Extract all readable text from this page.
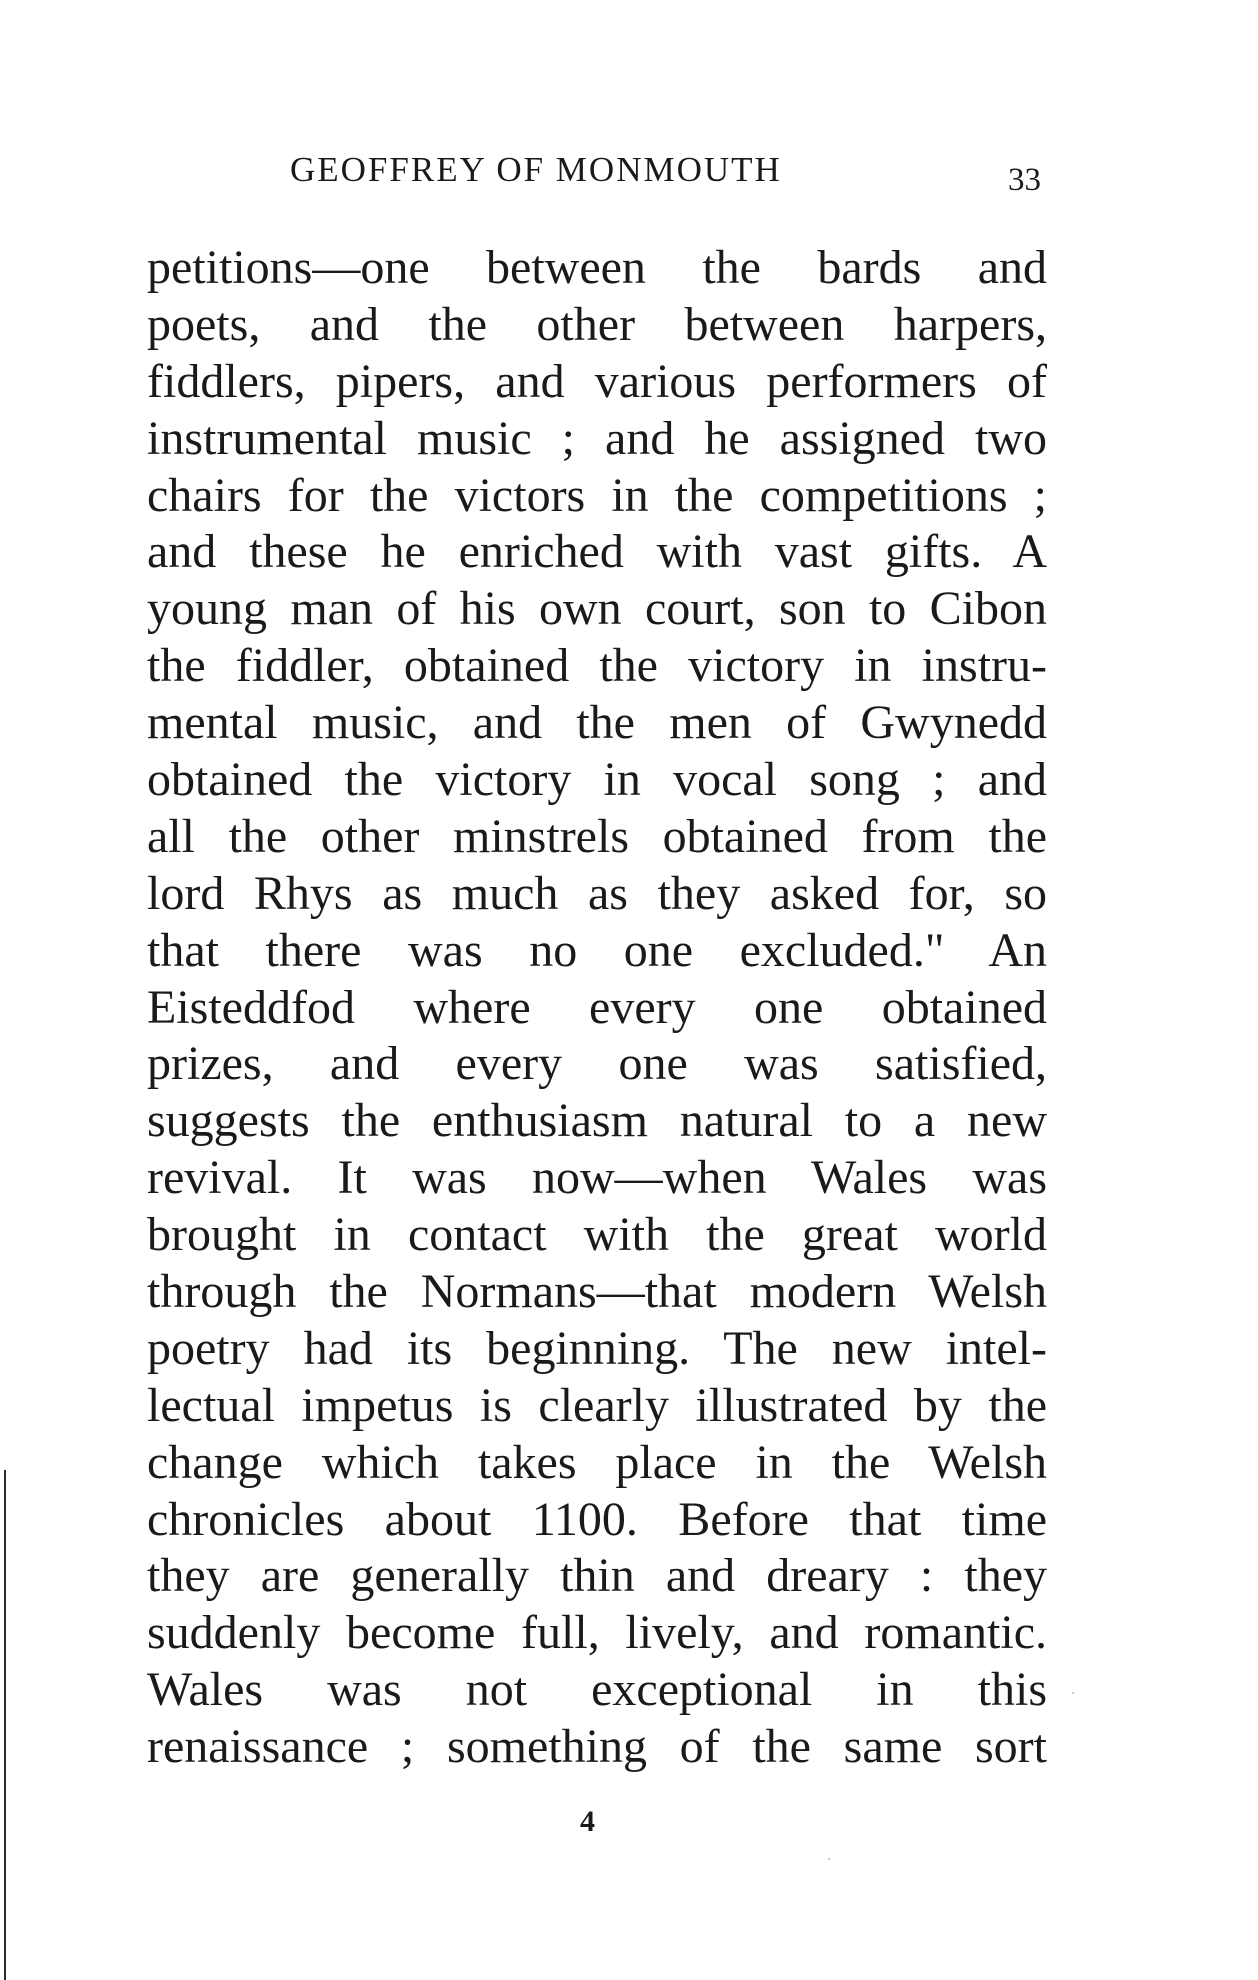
GEOFFREY OF MONMOUTH	33
petitions—one between the bards and
poets, and the other between harpers,
fiddlers, pipers, and various performers of
instrumental music ; and he assigned two
chairs for the victors in the competitions ;
and these he enriched with vast gifts. A
young man of his own court, son to Cibon
the fiddler, obtained the victory in instru-
mental music, and the men of Gwynedd
obtained the victory in vocal song ; and
all the other minstrels obtained from the
lord Rhys as much as they asked for, so
that there was no one excluded." An
Eisteddfod where every one obtained
prizes, and every one was satisfied,
suggests the enthusiasm natural to a new
revival. It was now—when Wales was
brought in contact with the great world
through the Normans—that modern Welsh
poetry had its beginning. The new intel-
lectual impetus is clearly illustrated by the
change which takes place in the Welsh
chronicles about 1100. Before that time
they are generally thin and dreary : they
suddenly become full, lively, and romantic.
Wales was not exceptional in this
renaissance ; something of the same sort
4
